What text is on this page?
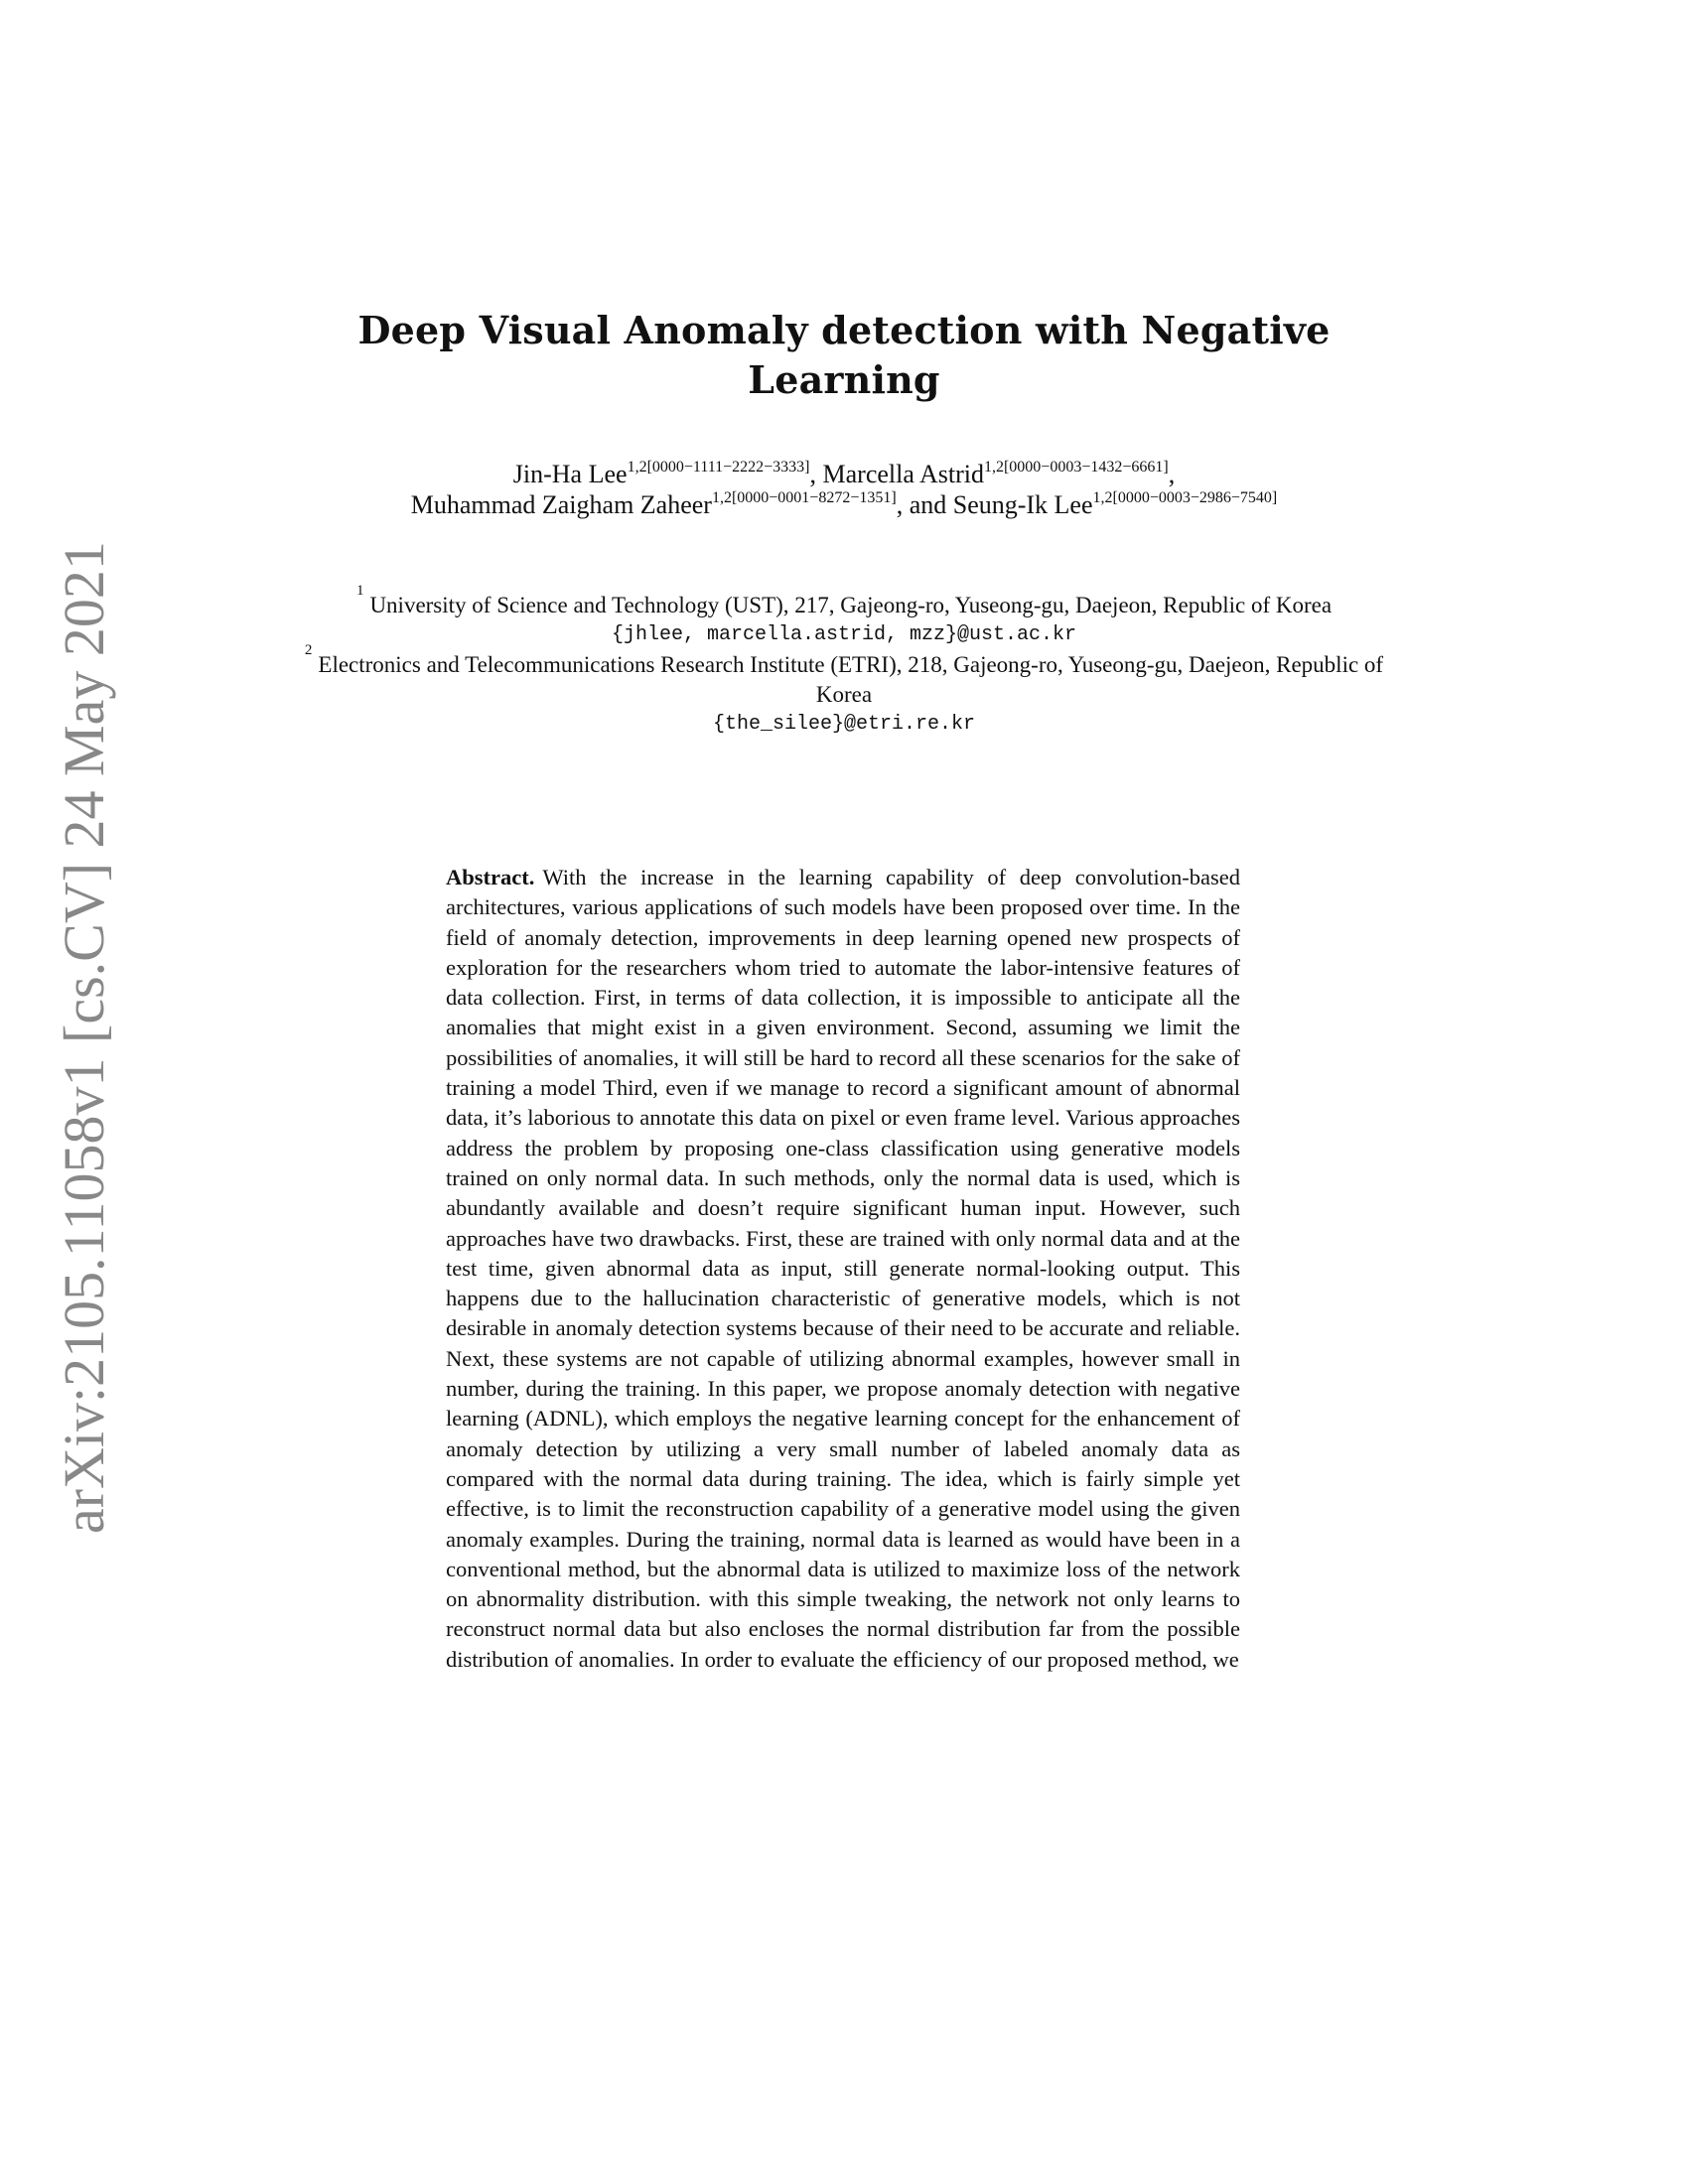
arXiv:2105.11058v1 [cs.CV] 24 May 2021
Deep Visual Anomaly detection with Negative Learning
Jin-Ha Lee$^{1,2[0000-1111-2222-3333]}$, Marcella Astrid$^{1,2[0000-0003-1432-6661]}$,
Muhammad Zaigham Zaheer$^{1,2[0000-0001-8272-1351]}$, and Seung-Ik Lee$^{1,2[0000-0003-2986-7540]}$
$^1$University of Science and Technology (UST), 217, Gajeong-ro, Yuseong-gu, Daejeon, Republic of Korea
{jhlee, marcella.astrid, mzz}@ust.ac.kr
$^2$Electronics and Telecommunications Research Institute (ETRI), 218, Gajeong-ro, Yuseong-gu, Daejeon, Republic of Korea
{the_silee}@etri.re.kr
Abstract. With the increase in the learning capability of deep convolution-based architectures, various applications of such models have been proposed over time. In the field of anomaly detection, improvements in deep learning opened new prospects of exploration for the researchers whom tried to automate the labor-intensive features of data collection. First, in terms of data collection, it is impossible to anticipate all the anomalies that might exist in a given environment. Second, assuming we limit the possibilities of anomalies, it will still be hard to record all these scenarios for the sake of training a model Third, even if we manage to record a significant amount of abnormal data, it’s laborious to annotate this data on pixel or even frame level. Various approaches address the problem by proposing one-class classification using generative models trained on only normal data. In such methods, only the normal data is used, which is abundantly available and doesn’t require significant human input. However, such approaches have two drawbacks. First, these are trained with only normal data and at the test time, given abnormal data as input, still generate normal-looking output. This happens due to the hallucination characteristic of generative models, which is not desirable in anomaly detection systems because of their need to be accurate and reliable. Next, these systems are not capable of utilizing abnormal examples, however small in number, during the training. In this paper, we propose anomaly detection with negative learning (ADNL), which employs the negative learning concept for the enhancement of anomaly detection by utilizing a very small number of labeled anomaly data as compared with the normal data during training. The idea, which is fairly simple yet effective, is to limit the reconstruction capability of a generative model using the given anomaly examples. During the training, normal data is learned as would have been in a conventional method, but the abnormal data is utilized to maximize loss of the network on abnormality distribution. with this simple tweaking, the network not only learns to reconstruct normal data but also encloses the normal distribution far from the possible distribution of anomalies. In order to evaluate the efficiency of our proposed method, we
